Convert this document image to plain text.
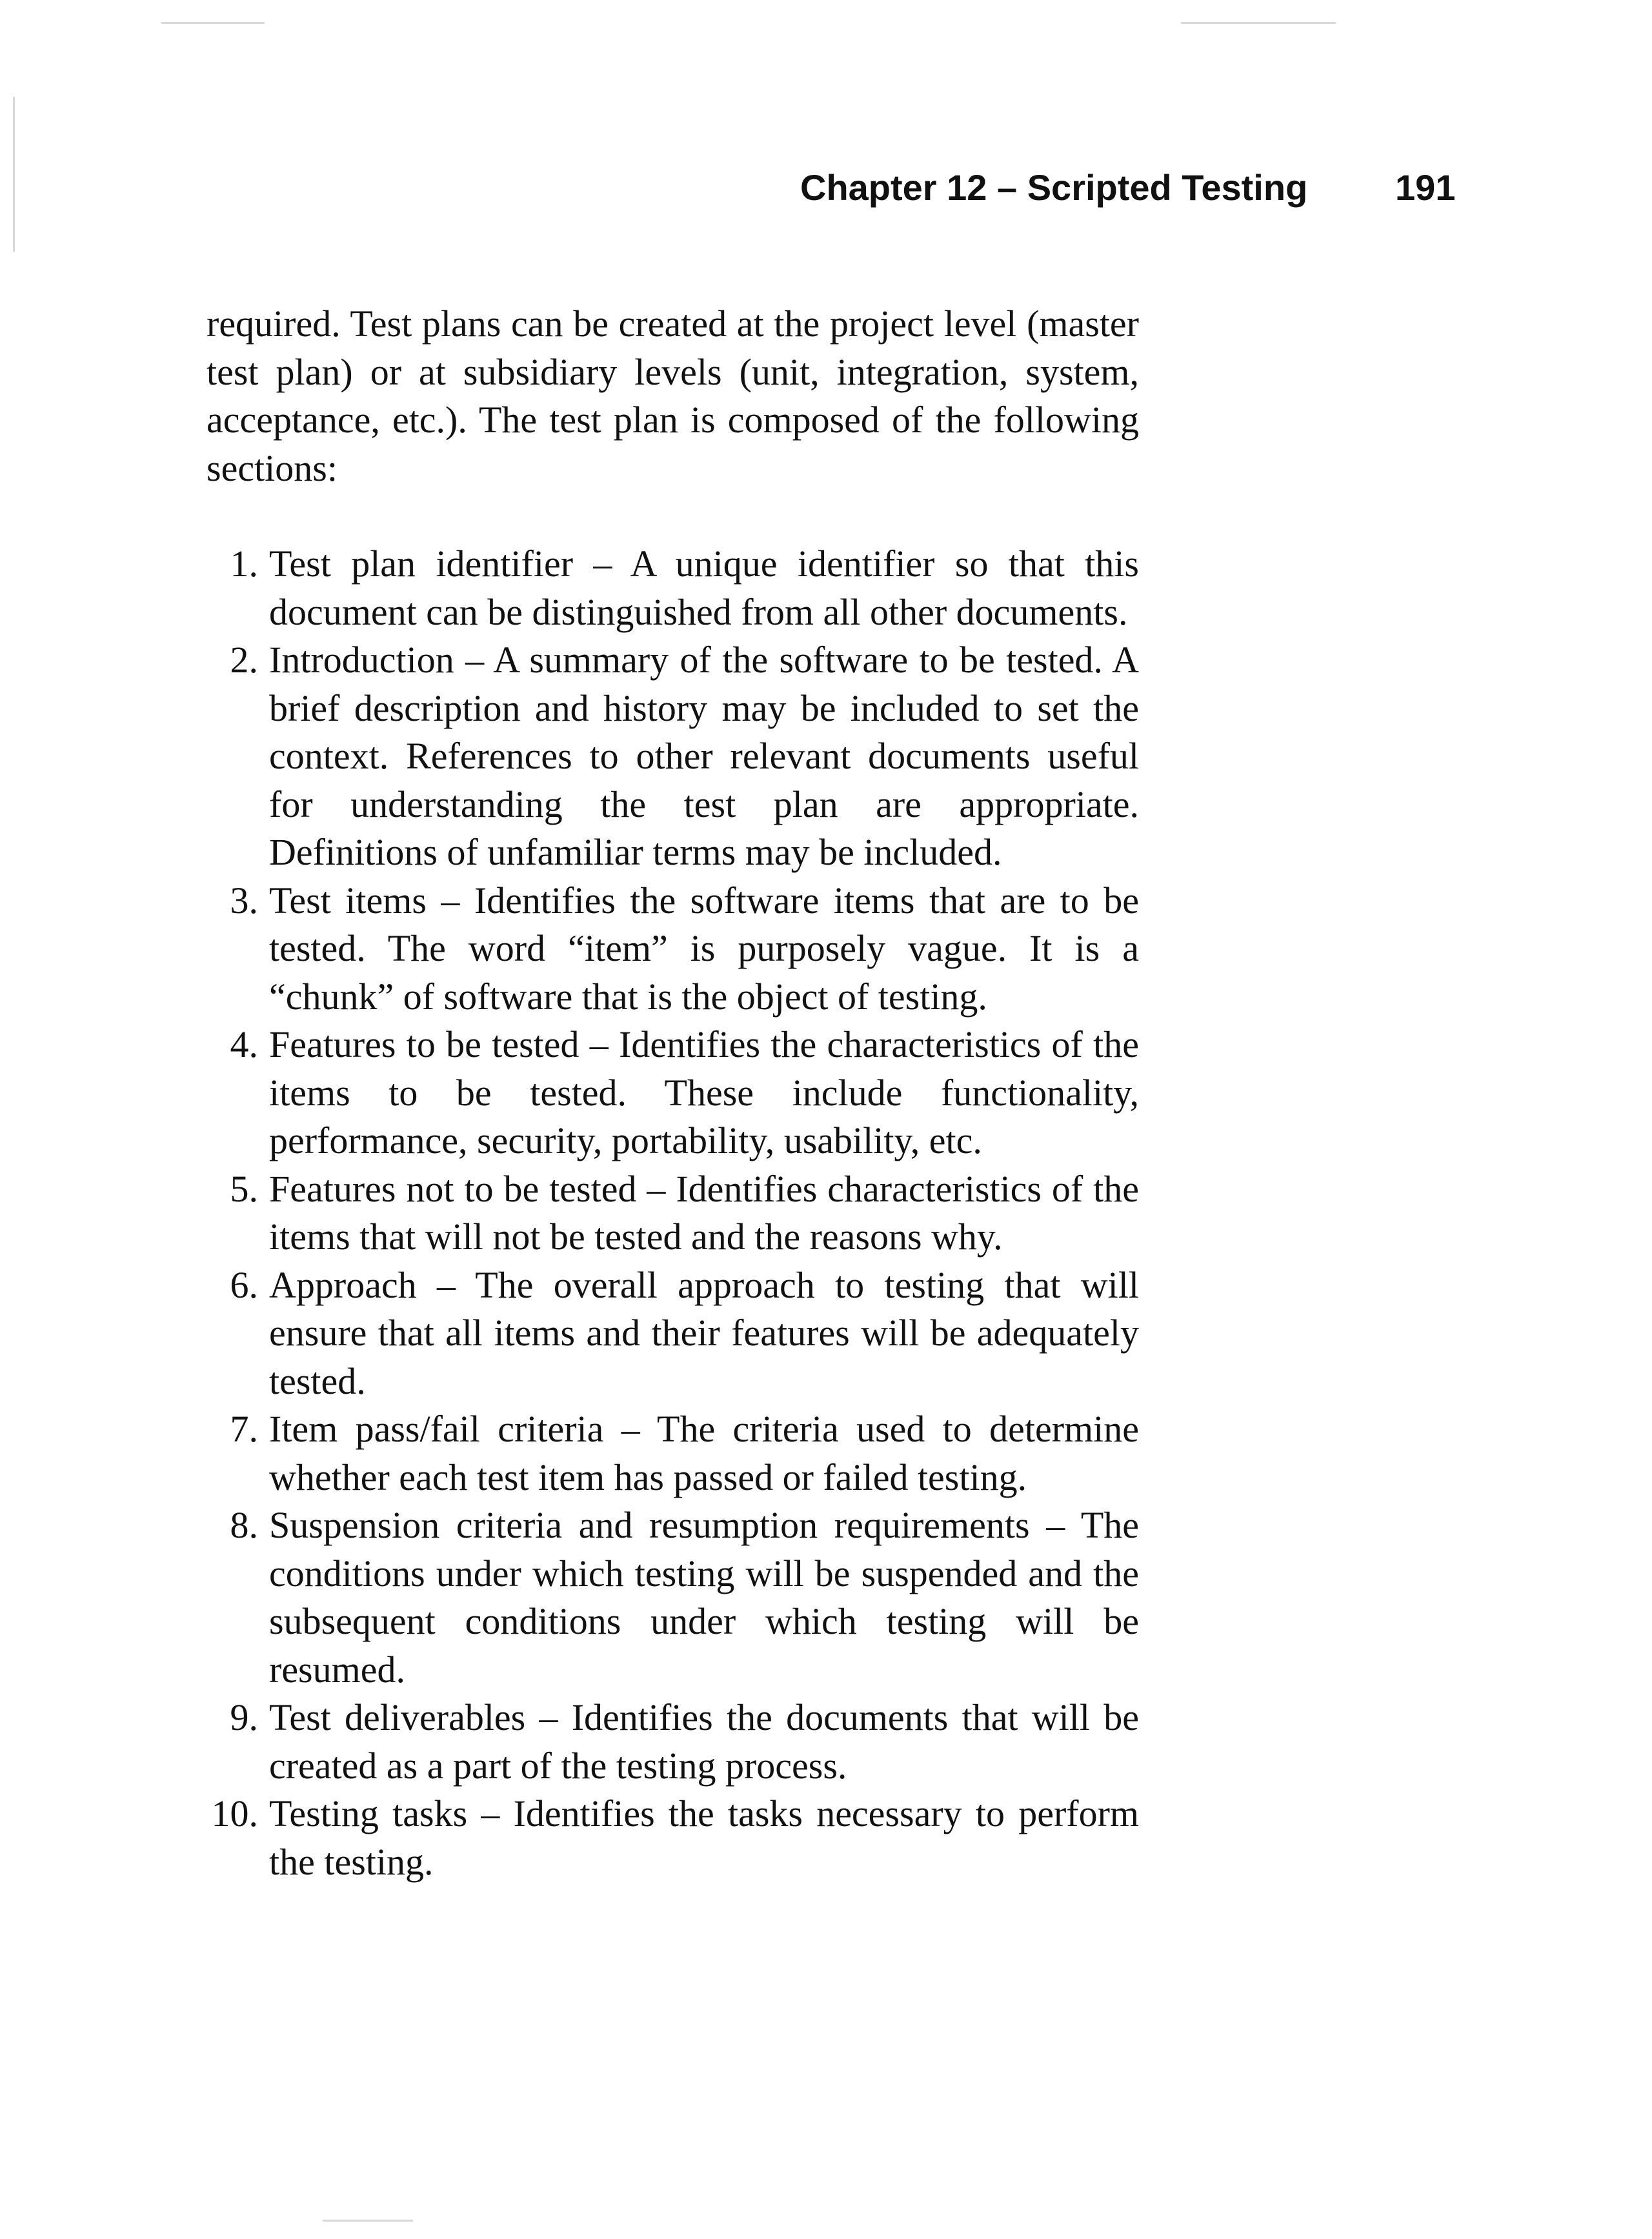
Chapter 12 – Scripted Testing 191

required. Test plans can be created at the project level (master test plan) or at subsidiary levels (unit, integration, system, acceptance, etc.). The test plan is composed of the following sections:

1. Test plan identifier – A unique identifier so that this document can be distinguished from all other documents.
2. Introduction – A summary of the software to be tested. A brief description and history may be included to set the context. References to other relevant documents useful for understanding the test plan are appropriate. Definitions of unfamiliar terms may be included.
3. Test items – Identifies the software items that are to be tested. The word “item” is purposely vague. It is a “chunk” of software that is the object of testing.
4. Features to be tested – Identifies the characteristics of the items to be tested. These include functionality, performance, security, portability, usability, etc.
5. Features not to be tested – Identifies characteristics of the items that will not be tested and the reasons why.
6. Approach – The overall approach to testing that will ensure that all items and their features will be adequately tested.
7. Item pass/fail criteria – The criteria used to determine whether each test item has passed or failed testing.
8. Suspension criteria and resumption requirements – The conditions under which testing will be suspended and the subsequent conditions under which testing will be resumed.
9. Test deliverables – Identifies the documents that will be created as a part of the testing process.
10. Testing tasks – Identifies the tasks necessary to perform the testing.
